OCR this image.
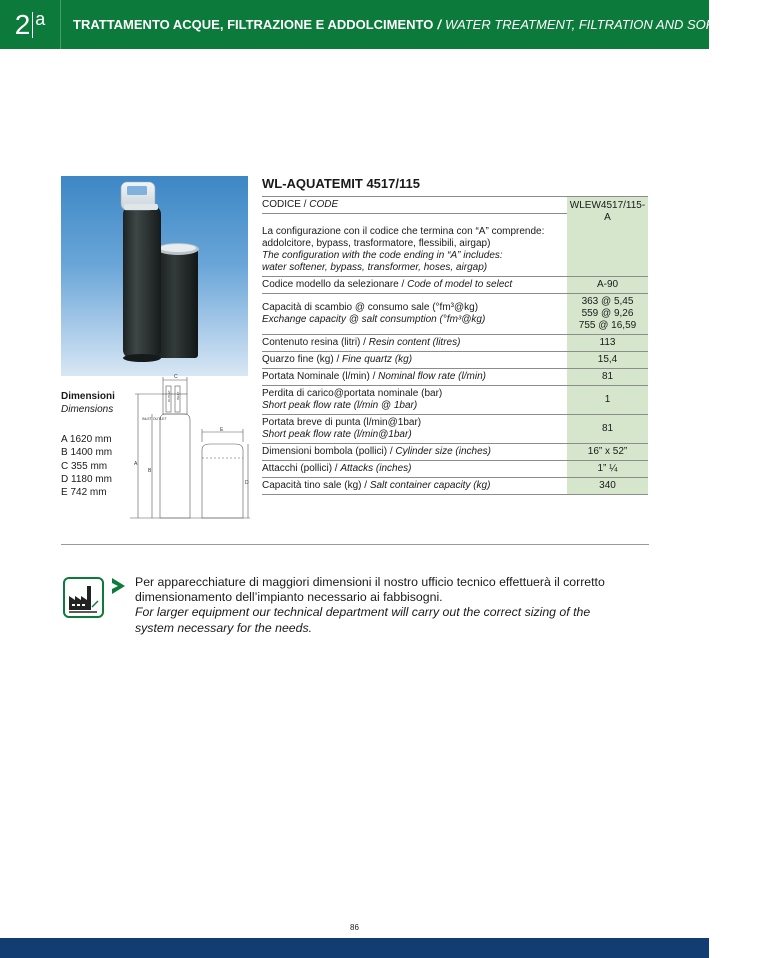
2 a TRATTAMENTO ACQUE, FILTRAZIONE E ADDOLCIMENTO / WATER TREATMENT, FILTRATION AND SOFTENING
Dimensioni
Dimensions
A 1620 mm
B 1400 mm
C 355 mm
D 1180 mm
E 742 mm
C
E
A
B
D
INLET OUTLET
OUTLET INLET
WL-AQUATEMIT 4517/115
CODICE / CODE	WLEW4517/115-A
La configurazione con il codice che termina con “A” comprende:
addolcitore, bypass, trasformatore, flessibili, airgap)
The configuration with the code ending in “A” includes:
water softener, bypass, transformer, hoses, airgap)	
Codice modello da selezionare / Code of model to select	A-90
Capacità di scambio @ consumo sale (°fm³@kg)
Exchange capacity @ salt consumption (°fm³@kg)	363 @ 5,45
559 @ 9,26
755 @ 16,59
Contenuto resina (litri) / Resin content (litres)	113
Quarzo fine (kg) / Fine quartz (kg)	15,4
Portata Nominale (l/min) / Nominal flow rate (l/min)	81
Perdita di carico@portata nominale (bar)
Short peak flow rate (l/min @ 1bar)	1
Portata breve di punta (l/min@1bar)
Short peak flow rate (l/min@1bar)	81
Dimensioni bombola (pollici) / Cylinder size (inches)	16” x 52”
Attacchi (pollici) / Attacks (inches)	1” ¼
Capacità tino sale (kg) / Salt container capacity (kg)	340
Per apparecchiature di maggiori dimensioni il nostro ufficio tecnico effettuerà il corretto dimensionamento dell’impianto necessario ai fabbisogni.
For larger equipment our technical department will carry out the correct sizing of the system necessary for the needs.
86
